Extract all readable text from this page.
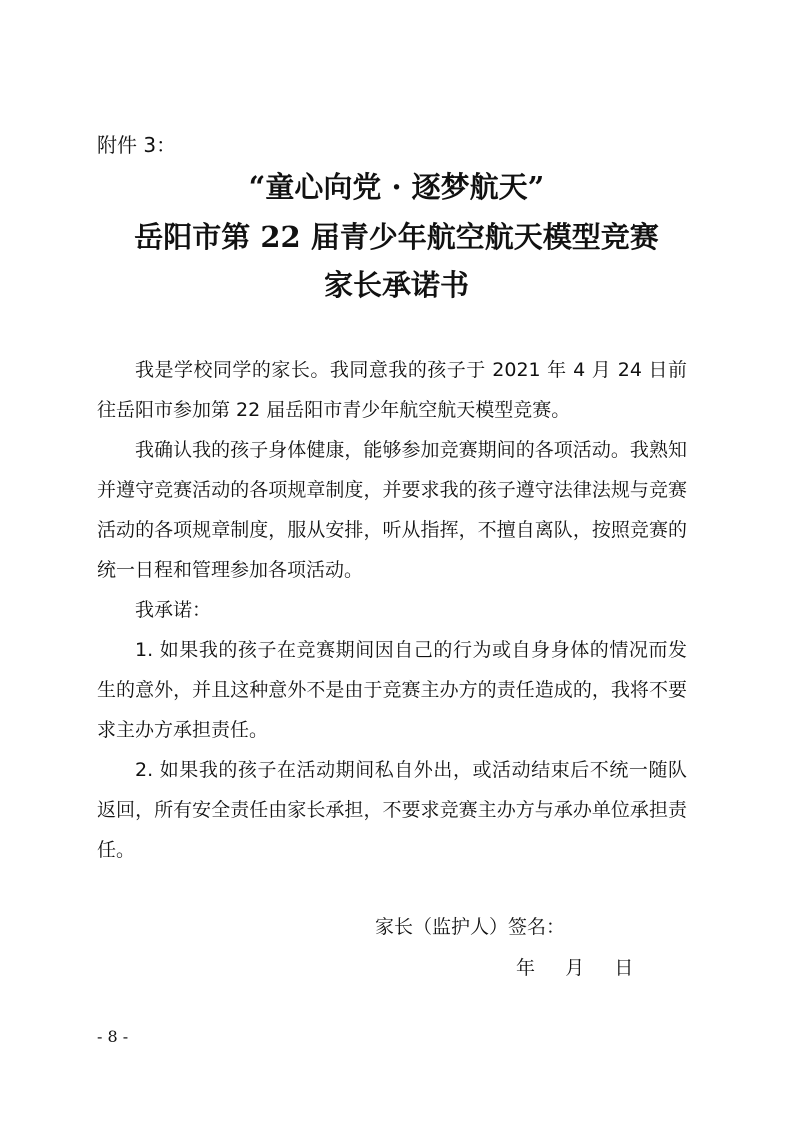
附件 3：
“童心向党 · 逐梦航天”
岳阳市第 22 届青少年航空航天模型竞赛
家长承诺书

我是学校同学的家长。我同意我的孩子于 2021 年 4 月 24 日前往岳阳市参加第 22 届岳阳市青少年航空航天模型竞赛。

我确认我的孩子身体健康，能够参加竞赛期间的各项活动。我熟知并遵守竞赛活动的各项规章制度，并要求我的孩子遵守法律法规与竞赛活动的各项规章制度，服从安排，听从指挥，不擅自离队，按照竞赛的统一日程和管理参加各项活动。

我承诺：

1. 如果我的孩子在竞赛期间因自己的行为或自身身体的情况而发生的意外，并且这种意外不是由于竞赛主办方的责任造成的，我将不要求主办方承担责任。

2. 如果我的孩子在活动期间私自外出，或活动结束后不统一随队返回，所有安全责任由家长承担，不要求竞赛主办方与承办单位承担责任。

家长（监护人）签名：
年     月     日
- 8 -
